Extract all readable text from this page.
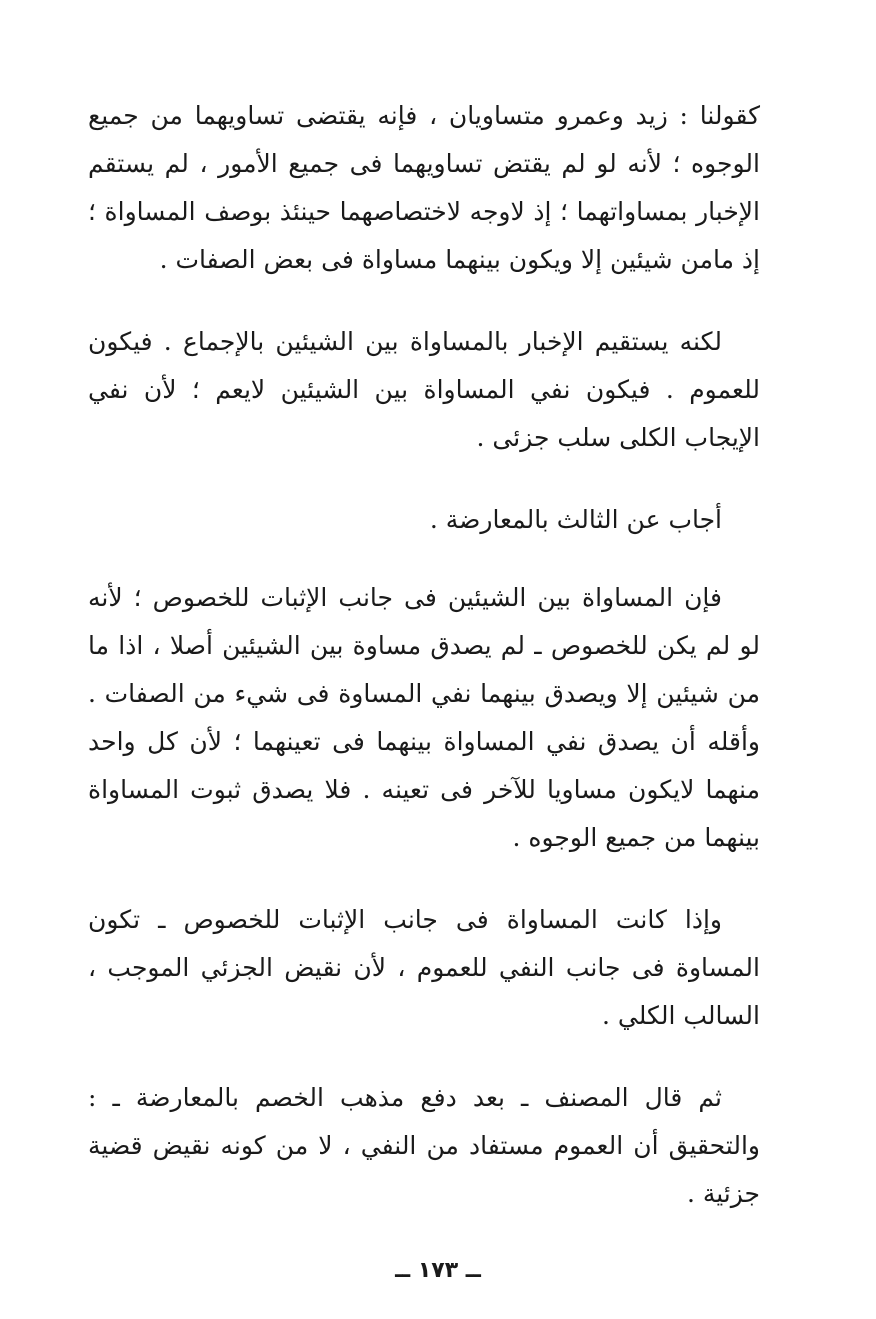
كقولنا : زيد وعمرو متساويان ، فإنه يقتضى تساويهما من جميع الوجوه ؛ لأنه لو لم يقتض تساويهما فى جميع الأمور ، لم يستقم الإخبار بمساواتهما ؛ إذ لاوجه لاختصاصهما حينئذ بوصف المساواة ؛ إذ مامن شيئين إلا ويكون بينهما مساواة فى بعض الصفات .

لكنه يستقيم الإخبار بالمساواة بين الشيئين بالإجماع . فيكون للعموم . فيكون نفي المساواة بين الشيئين لايعم ؛ لأن نفي الإيجاب الكلى سلب جزئى .

أجاب عن الثالث بالمعارضة .

فإن المساواة بين الشيئين فى جانب الإثبات للخصوص ؛ لأنه لو لم يكن للخصوص ـ لم يصدق مساوة بين الشيئين أصلا ، اذا ما من شيئين إلا ويصدق بينهما نفي المساوة فى شيء من الصفات . وأقله أن يصدق نفي المساواة بينهما فى تعينهما ؛ لأن كل واحد منهما لايكون مساويا للآخر فى تعينه . فلا يصدق ثبوت المساواة بينهما من جميع الوجوه .

وإذا كانت المساواة فى جانب الإثبات للخصوص ـ تكون المساوة فى جانب النفي للعموم ، لأن نقيض الجزئي الموجب ، السالب الكلي .

ثم قال المصنف ـ بعد دفع مذهب الخصم بالمعارضة ـ : والتحقيق أن العموم مستفاد من النفي ، لا من كونه نقيض قضية جزئية .

ــ ١٧٣ ــ
